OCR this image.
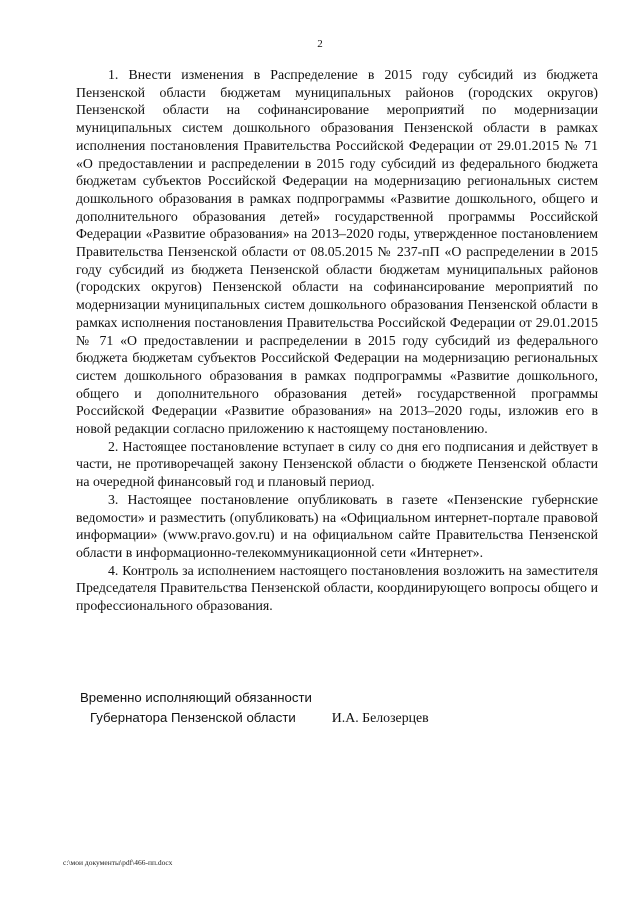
2

1. Внести изменения в Распределение в 2015 году субсидий из бюджета Пензенской области бюджетам муниципальных районов (городских округов) Пензенской области на софинансирование мероприятий по модернизации муниципальных систем дошкольного образования Пензенской области в рамках исполнения постановления Правительства Российской Федерации от 29.01.2015 № 71 «О предоставлении и распределении в 2015 году субсидий из федерального бюджета бюджетам субъектов Российской Федерации на модернизацию региональных систем дошкольного образования в рамках подпрограммы «Развитие дошкольного, общего и дополнительного образования детей» государственной программы Российской Федерации «Развитие образования» на 2013–2020 годы, утвержденное постановлением Правительства Пензенской области от 08.05.2015 № 237-пП «О распределении в 2015 году субсидий из бюджета Пензенской области бюджетам муниципальных районов (городских округов) Пензенской области на софинансирование мероприятий по модернизации муниципальных систем дошкольного образования Пензенской области в рамках исполнения постановления Правительства Российской Федерации от 29.01.2015 № 71 «О предоставлении и распределении в 2015 году субсидий из федерального бюджета бюджетам субъектов Российской Федерации на модернизацию региональных систем дошкольного образования в рамках подпрограммы «Развитие дошкольного, общего и дополнительного образования детей» государственной программы Российской Федерации «Развитие образования» на 2013–2020 годы, изложив его в новой редакции согласно приложению к настоящему постановлению.

2. Настоящее постановление вступает в силу со дня его подписания и действует в части, не противоречащей закону Пензенской области о бюджете Пензенской области на очередной финансовый год и плановый период.

3. Настоящее постановление опубликовать в газете «Пензенские губернские ведомости» и разместить (опубликовать) на «Официальном интернет-портале правовой информации» (www.pravo.gov.ru) и на официальном сайте Правительства Пензенской области в информационно-телекоммуникационной сети «Интернет».

4. Контроль за исполнением настоящего постановления возложить на заместителя Председателя Правительства Пензенской области, координирующего вопросы общего и профессионального образования.

Временно исполняющий обязанности
Губернатора Пензенской области	И.А. Белозерцев
c:\мои документы\pdf\466-пп.docx
